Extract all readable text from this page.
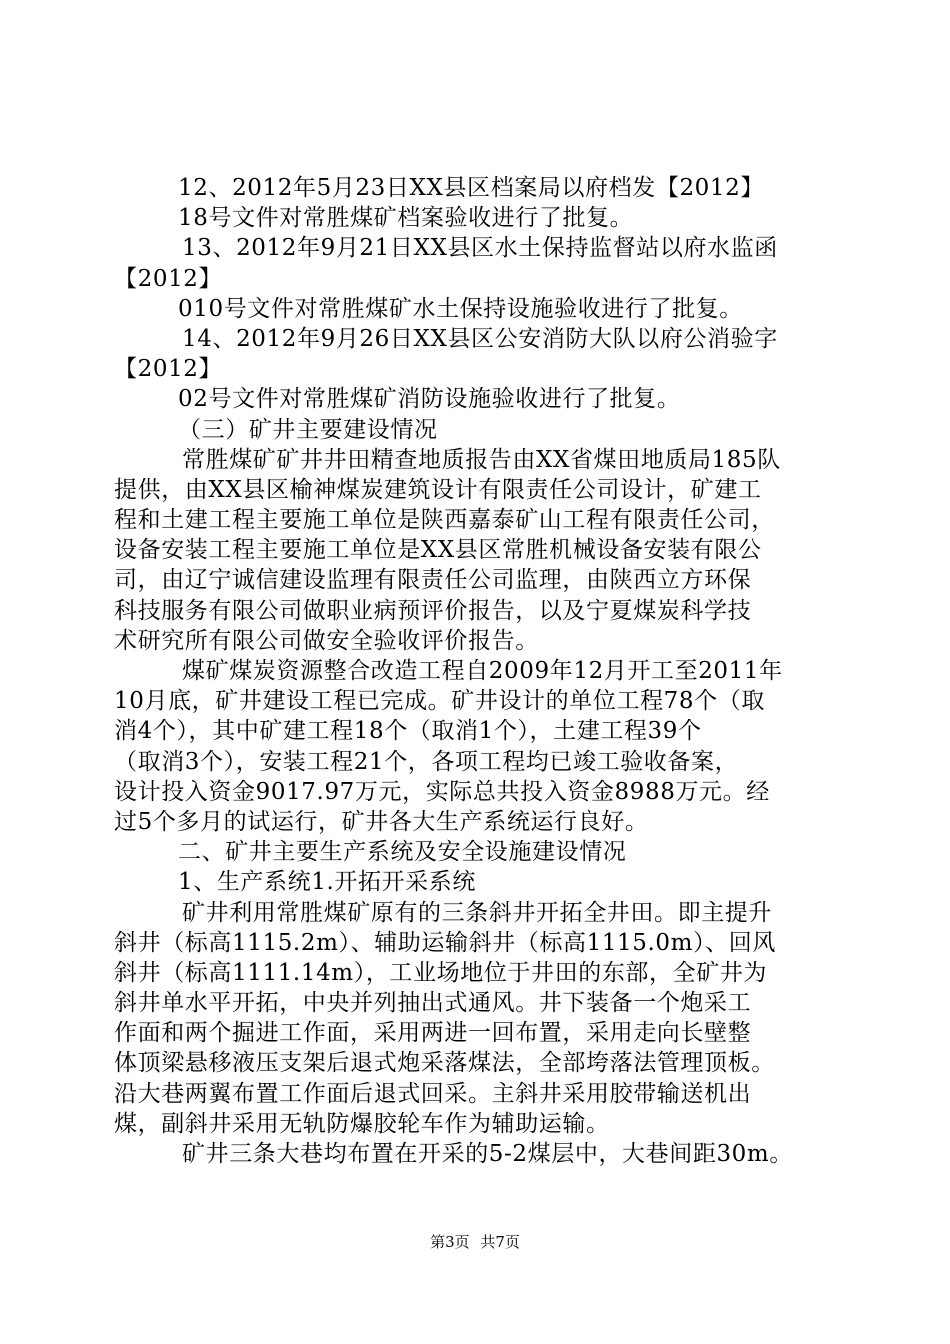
12、2012年5月23日XX县区档案局以府档发【2012】
18号文件对常胜煤矿档案验收进行了批复。
13、2012年9月21日XX县区水土保持监督站以府水监函
【2012】
010号文件对常胜煤矿水土保持设施验收进行了批复。
14、2012年9月26日XX县区公安消防大队以府公消验字
【2012】
02号文件对常胜煤矿消防设施验收进行了批复。
（三）矿井主要建设情况
常胜煤矿矿井井田精查地质报告由XX省煤田地质局185队
提供，由XX县区榆神煤炭建筑设计有限责任公司设计，矿建工
程和土建工程主要施工单位是陕西嘉泰矿山工程有限责任公司，
设备安装工程主要施工单位是XX县区常胜机械设备安装有限公
司，由辽宁诚信建设监理有限责任公司监理，由陕西立方环保
科技服务有限公司做职业病预评价报告，以及宁夏煤炭科学技
术研究所有限公司做安全验收评价报告。
煤矿煤炭资源整合改造工程自2009年12月开工至2011年
10月底，矿井建设工程已完成。矿井设计的单位工程78个（取
消4个），其中矿建工程18个（取消1个），土建工程39个
（取消3个），安装工程21个，各项工程均已竣工验收备案，
设计投入资金9017.97万元，实际总共投入资金8988万元。经
过5个多月的试运行，矿井各大生产系统运行良好。
二、矿井主要生产系统及安全设施建设情况
1、生产系统1.开拓开采系统
矿井利用常胜煤矿原有的三条斜井开拓全井田。即主提升
斜井（标高1115.2m）、辅助运输斜井（标高1115.0m）、回风
斜井（标高1111.14m），工业场地位于井田的东部，全矿井为
斜井单水平开拓，中央并列抽出式通风。井下装备一个炮采工
作面和两个掘进工作面，采用两进一回布置，采用走向长壁整
体顶梁悬移液压支架后退式炮采落煤法，全部垮落法管理顶板。
沿大巷两翼布置工作面后退式回采。主斜井采用胶带输送机出
煤，副斜井采用无轨防爆胶轮车作为辅助运输。
矿井三条大巷均布置在开采的5-2煤层中，大巷间距30m。
第3页 共7页
